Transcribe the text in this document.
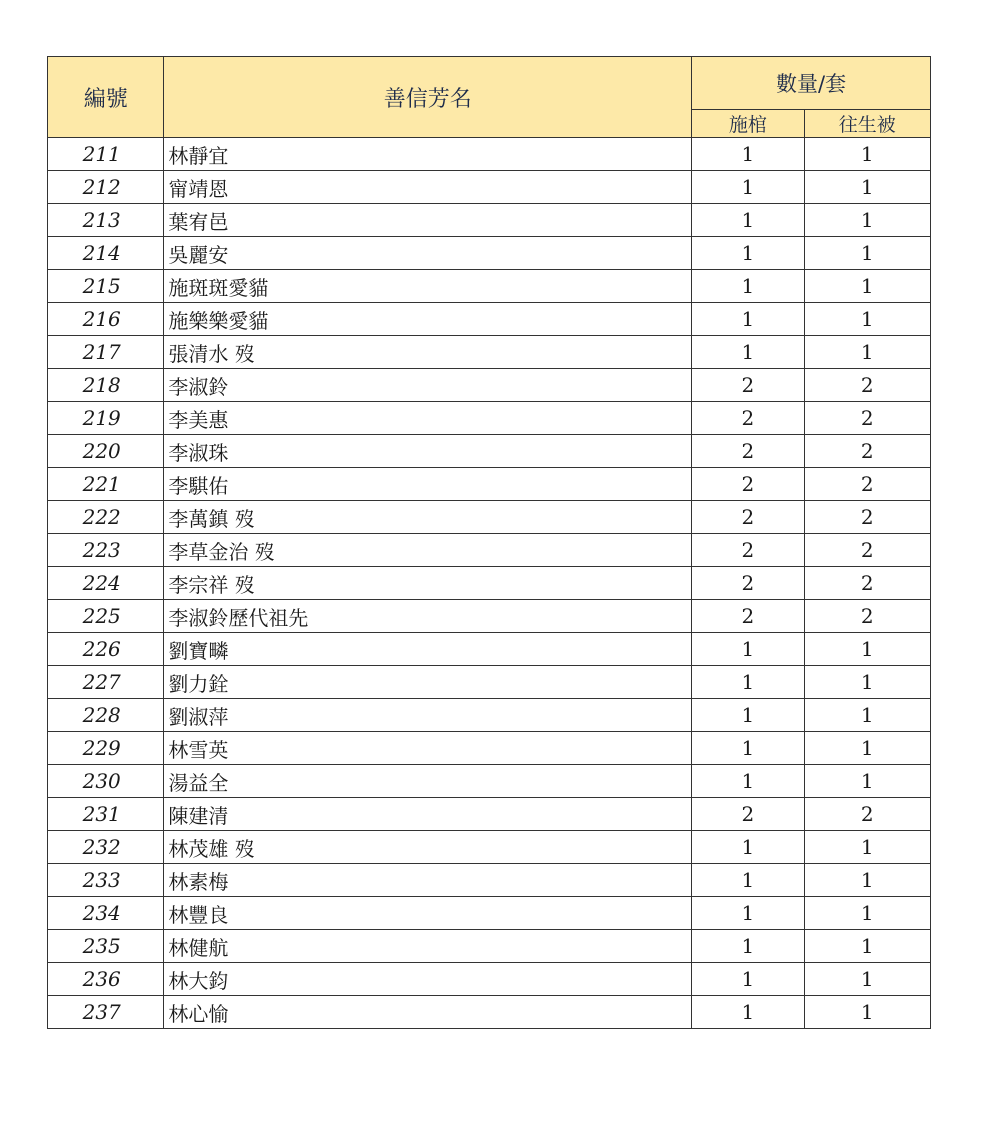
編號	善信芳名	數量/套	
		施棺	往生被
211	林靜宜	1	1
212	甯靖恩	1	1
213	葉宥邑	1	1
214	吳麗安	1	1
215	施斑斑愛貓	1	1
216	施樂樂愛貓	1	1
217	張清水 歿	1	1
218	李淑鈴	2	2
219	李美惠	2	2
220	李淑珠	2	2
221	李騏佑	2	2
222	李萬鎮 歿	2	2
223	李草金治 歿	2	2
224	李宗祥 歿	2	2
225	李淑鈴歷代祖先	2	2
226	劉寶疄	1	1
227	劉力銓	1	1
228	劉淑萍	1	1
229	林雪英	1	1
230	湯益全	1	1
231	陳建清	2	2
232	林茂雄 歿	1	1
233	林素梅	1	1
234	林豐良	1	1
235	林健航	1	1
236	林大鈞	1	1
237	林心愉	1	1
